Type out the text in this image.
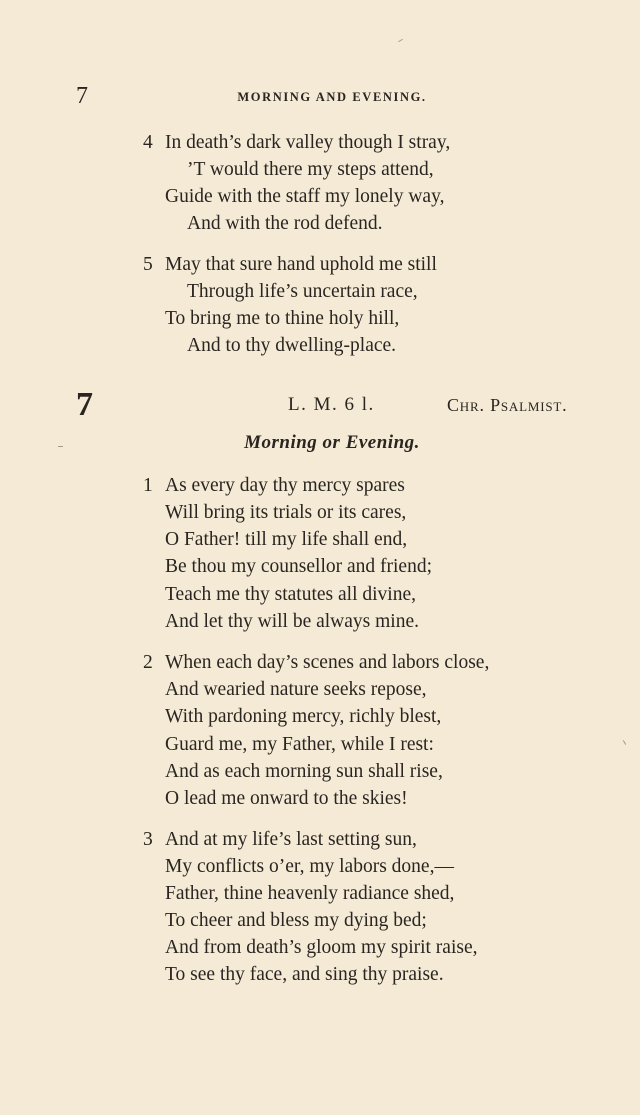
7	MORNING AND EVENING.
4 In death’s dark valley though I stray,
’T would there my steps attend,
Guide with the staff my lonely way,
And with the rod defend.
5 May that sure hand uphold me still
Through life’s uncertain race,
To bring me to thine holy hill,
And to thy dwelling-place.
7	L. M. 6 l.	Chr. Psalmist.
Morning or Evening.
1 As every day thy mercy spares
Will bring its trials or its cares,
O Father! till my life shall end,
Be thou my counsellor and friend;
Teach me thy statutes all divine,
And let thy will be always mine.
2 When each day’s scenes and labors close,
And wearied nature seeks repose,
With pardoning mercy, richly blest,
Guard me, my Father, while I rest:
And as each morning sun shall rise,
O lead me onward to the skies!
3 And at my life’s last setting sun,
My conflicts o’er, my labors done,—
Father, thine heavenly radiance shed,
To cheer and bless my dying bed;
And from death’s gloom my spirit raise,
To see thy face, and sing thy praise.
